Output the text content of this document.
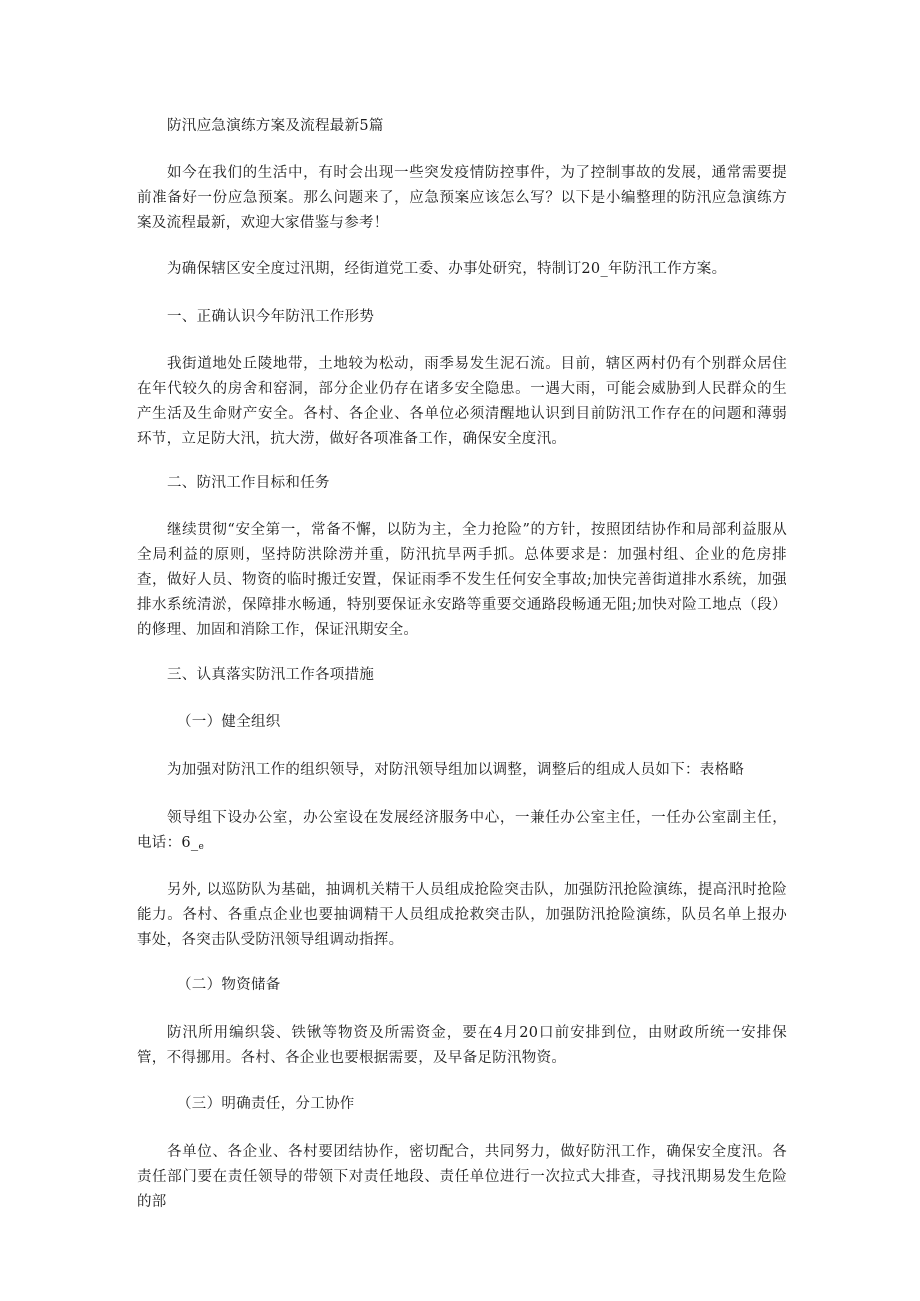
防汛应急演练方案及流程最新5篇

如今在我们的生活中，有时会出现一些突发疫情防控事件，为了控制事故的发展，通常需要提前准备好一份应急预案。那么问题来了，应急预案应该怎么写？以下是小编整理的防汛应急演练方案及流程最新，欢迎大家借鉴与参考！

为确保辖区安全度过汛期，经街道党工委、办事处研究，特制订20_年防汛工作方案。

一、正确认识今年防汛工作形势

我街道地处丘陵地带，土地较为松动，雨季易发生泥石流。目前，辖区两村仍有个别群众居住在年代较久的房舍和窑洞，部分企业仍存在诸多安全隐患。一遇大雨，可能会威胁到人民群众的生产生活及生命财产安全。各村、各企业、各单位必须清醒地认识到目前防汛工作存在的问题和薄弱环节，立足防大汛，抗大涝，做好各项准备工作，确保安全度汛。

二、防汛工作目标和任务

继续贯彻“安全第一，常备不懈，以防为主，全力抢险”的方针，按照团结协作和局部利益服从全局利益的原则，坚持防洪除涝并重，防汛抗旱两手抓。总体要求是：加强村组、企业的危房排查，做好人员、物资的临时搬迁安置，保证雨季不发生任何安全事故;加快完善街道排水系统，加强排水系统清淤，保障排水畅通，特别要保证永安路等重要交通路段畅通无阻;加快对险工地点（段）的修理、加固和消除工作，保证汛期安全。

三、认真落实防汛工作各项措施

（一）健全组织

为加强对防汛工作的组织领导，对防汛领导组加以调整，调整后的组成人员如下：表格略

领导组下设办公室，办公室设在发展经济服务中心，一兼任办公室主任，一任办公室副主任，电话：6_e

另外, 以巡防队为基础，抽调机关精干人员组成抢险突击队，加强防汛抢险演练，提高汛时抢险能力。各村、各重点企业也要抽调精干人员组成抢救突击队，加强防汛抢险演练，队员名单上报办事处，各突击队受防汛领导组调动指挥。

（二）物资储备

防汛所用编织袋、铁锹等物资及所需资金，要在4月20口前安排到位，由财政所统一安排保管，不得挪用。各村、各企业也要根据需要，及早备足防汛物资。

（三）明确责任，分工协作

各单位、各企业、各村要团结协作，密切配合，共同努力，做好防汛工作，确保安全度汛。各责任部门要在责任领导的带领下对责任地段、责任单位进行一次拉式大排查，寻找汛期易发生危险的部
